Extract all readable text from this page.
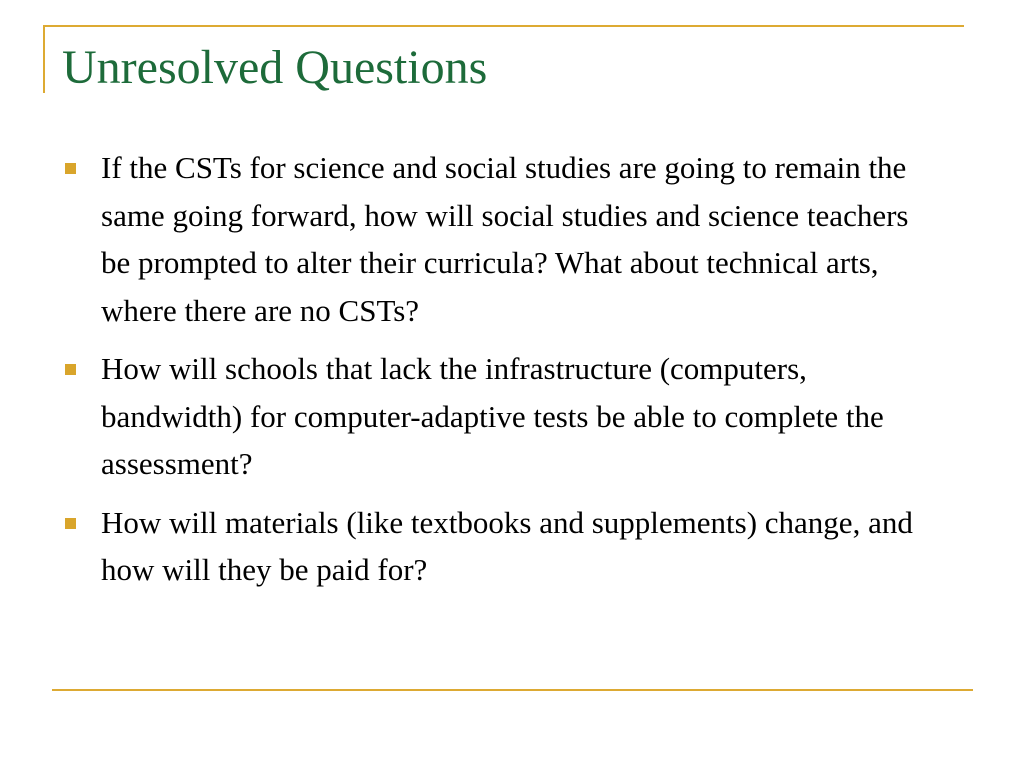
Unresolved Questions
If the CSTs for science and social studies are going to remain the same going forward, how will social studies and science teachers be prompted to alter their curricula? What about technical arts, where there are no CSTs?
How will schools that lack the infrastructure (computers, bandwidth) for computer-adaptive tests be able to complete the assessment?
How will materials (like textbooks and supplements) change, and how will they be paid for?
